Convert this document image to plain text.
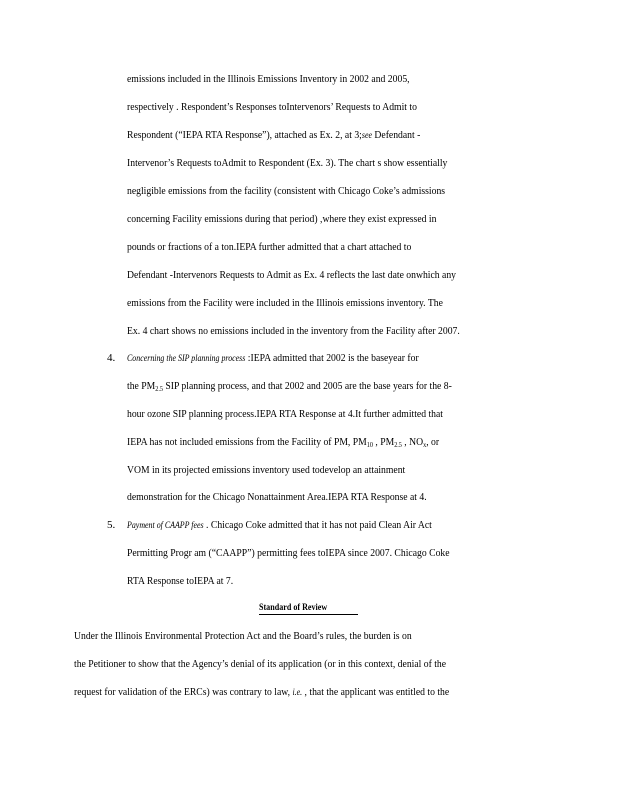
emissions included in the Illinois Emissions Inventory in 2002 and 2005,
respectively . Respondent’s Responses toIntervenors’ Requests to Admit to
Respondent (“IEPA RTA Response”), attached as Ex. 2, at 3;see Defendant -
Intervenor’s Requests toAdmit to Respondent (Ex. 3). The chart s show essentially
negligible emissions from the facility (consistent with Chicago Coke’s admissions
concerning Facility emissions during that period) ,where they exist expressed in
pounds or fractions of a ton.IEPA further admitted that a chart attached to
Defendant -Intervenors Requests to Admit as Ex. 4 reflects the last date onwhich any
emissions from the Facility were included in the Illinois emissions inventory. The
Ex. 4 chart shows no emissions included in the inventory from the Facility after 2007.
4. Concerning the SIP planning process :IEPA admitted that 2002 is the baseyear for
the $PM_{2.5}$ SIP planning process, and that 2002 and 2005 are the base years for the 8-
hour ozone SIP planning process.IEPA RTA Response at 4.It further admitted that
IEPA has not included emissions from the Facility of PM, $PM_{10}$ , $PM_{2.5}$ , $NO_x$, or
VOM in its projected emissions inventory used todevelop an attainment
demonstration for the Chicago Nonattainment Area.IEPA RTA Response at 4.
5. Payment of CAAPP fees . Chicago Coke admitted that it has not paid Clean Air Act
Permitting Progr am (“CAAPP”) permitting fees toIEPA since 2007. Chicago Coke
RTA Response toIEPA at 7.
Standard of Review
Under the Illinois Environmental Protection Act and the Board’s rules, the burden is on
the Petitioner to show that the Agency’s denial of its application (or in this context, denial of the
request for validation of the ERCs) was contrary to law, i.e. , that the applicant was entitled to the
